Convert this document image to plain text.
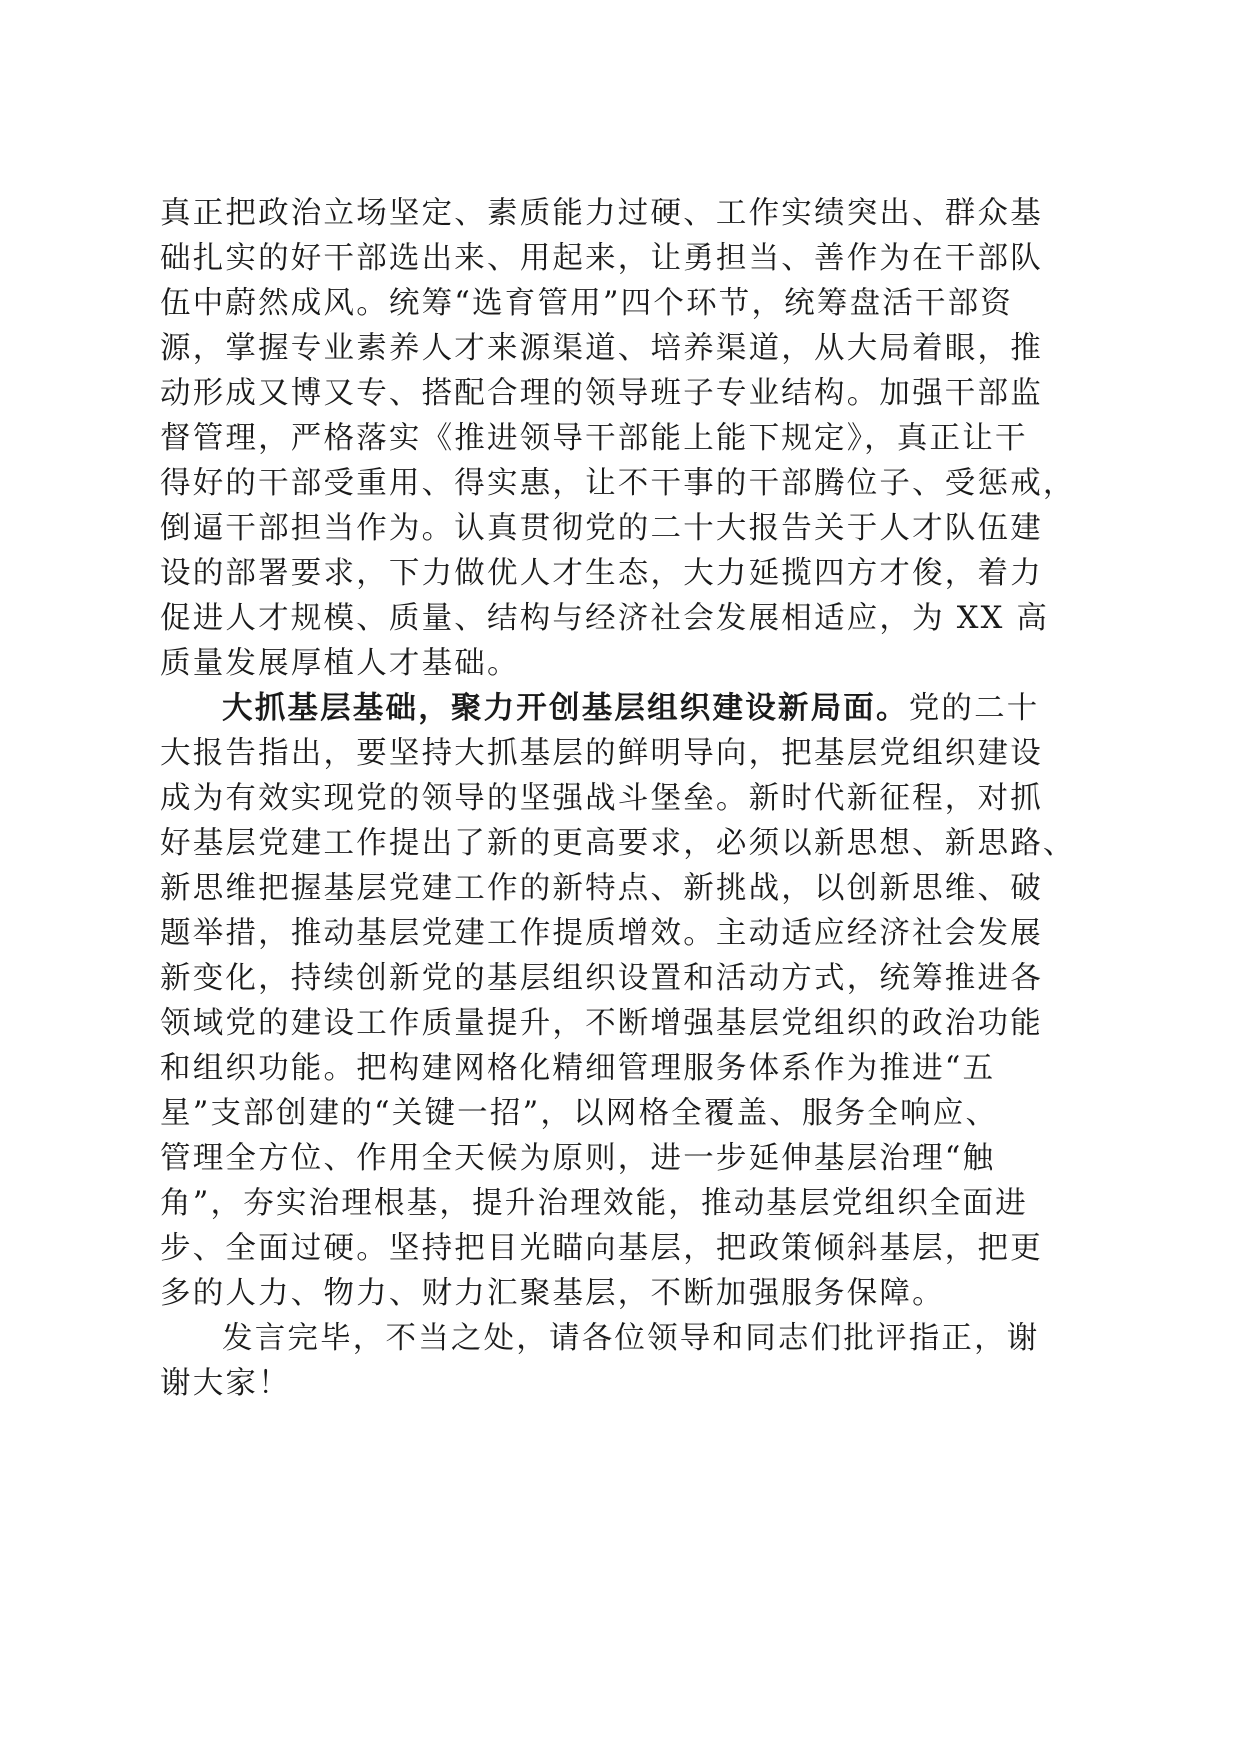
真正把政治立场坚定、素质能力过硬、工作实绩突出、群众基
础扎实的好干部选出来、用起来，让勇担当、善作为在干部队
伍中蔚然成风。统筹“选育管用”四个环节，统筹盘活干部资
源，掌握专业素养人才来源渠道、培养渠道，从大局着眼，推
动形成又博又专、搭配合理的领导班子专业结构。加强干部监
督管理，严格落实《推进领导干部能上能下规定》，真正让干
得好的干部受重用、得实惠，让不干事的干部腾位子、受惩戒，
倒逼干部担当作为。认真贯彻党的二十大报告关于人才队伍建
设的部署要求，下力做优人才生态，大力延揽四方才俊，着力
促进人才规模、质量、结构与经济社会发展相适应，为 XX 高
质量发展厚植人才基础。
大抓基层基础，聚力开创基层组织建设新局面。党的二十
大报告指出，要坚持大抓基层的鲜明导向，把基层党组织建设
成为有效实现党的领导的坚强战斗堡垒。新时代新征程，对抓
好基层党建工作提出了新的更高要求，必须以新思想、新思路、
新思维把握基层党建工作的新特点、新挑战，以创新思维、破
题举措，推动基层党建工作提质增效。主动适应经济社会发展
新变化，持续创新党的基层组织设置和活动方式，统筹推进各
领域党的建设工作质量提升，不断增强基层党组织的政治功能
和组织功能。把构建网格化精细管理服务体系作为推进“五
星”支部创建的“关键一招”，以网格全覆盖、服务全响应、
管理全方位、作用全天候为原则，进一步延伸基层治理“触
角”，夯实治理根基，提升治理效能，推动基层党组织全面进
步、全面过硬。坚持把目光瞄向基层，把政策倾斜基层，把更
多的人力、物力、财力汇聚基层，不断加强服务保障。
发言完毕，不当之处，请各位领导和同志们批评指正，谢
谢大家！
